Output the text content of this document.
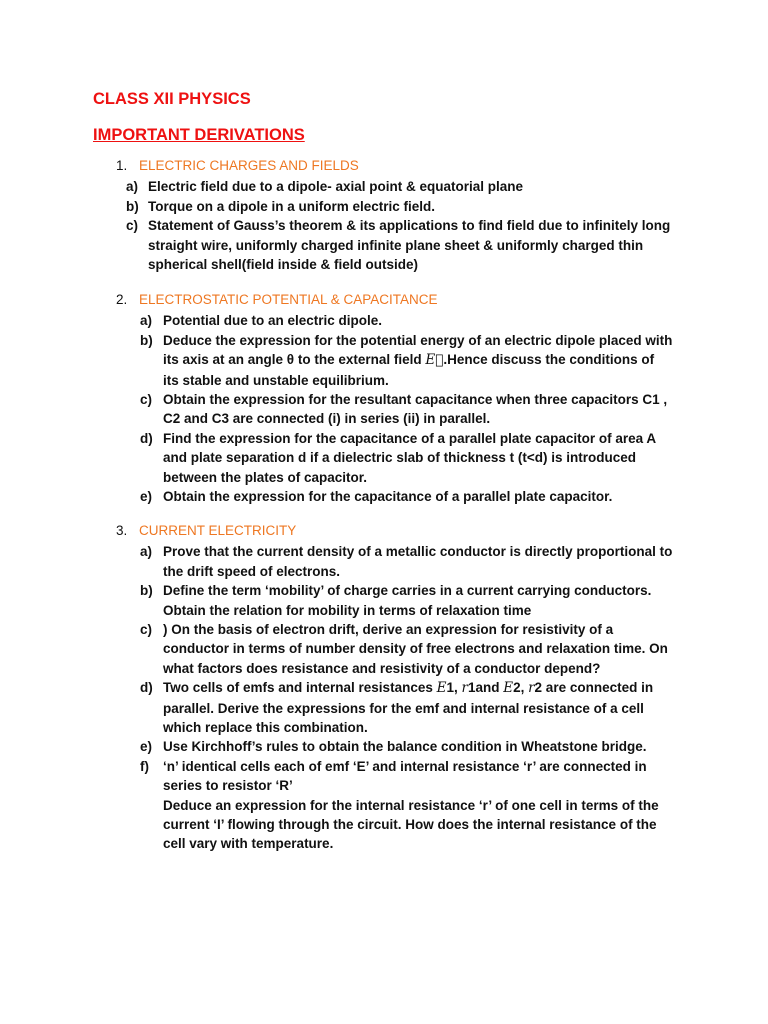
CLASS XII PHYSICS
IMPORTANT DERIVATIONS
1. ELECTRIC CHARGES AND FIELDS
a) Electric field due to a dipole- axial point & equatorial plane
b) Torque on a dipole in a uniform electric field.
c) Statement of Gauss’s theorem & its applications to find field due to infinitely long
straight wire, uniformly charged infinite plane sheet & uniformly charged thin
spherical shell(field inside & field outside)
2. ELECTROSTATIC POTENTIAL & CAPACITANCE
a) Potential due to an electric dipole.
b) Deduce the expression for the potential energy of an electric dipole placed with
its axis at an angle θ to the external field E⃗.Hence discuss the conditions of
its stable and unstable equilibrium.
c) Obtain the expression for the resultant capacitance when three capacitors C1 ,
C2 and C3 are connected (i) in series (ii) in parallel.
d) Find the expression for the capacitance of a parallel plate capacitor of area A
and plate separation d if a dielectric slab of thickness t (t<d) is introduced
between the plates of capacitor.
e) Obtain the expression for the capacitance of a parallel plate capacitor.
3. CURRENT ELECTRICITY
a) Prove that the current density of a metallic conductor is directly proportional to
the drift speed of electrons.
b) Define the term ‘mobility’ of charge carries in a current carrying conductors.
Obtain the relation for mobility in terms of relaxation time
c) ) On the basis of electron drift, derive an expression for resistivity of a
conductor in terms of number density of free electrons and relaxation time. On
what factors does resistance and resistivity of a conductor depend?
d) Two cells of emfs and internal resistances E1, r1and E2, r2 are connected in
parallel. Derive the expressions for the emf and internal resistance of a cell
which replace this combination.
e) Use Kirchhoff’s rules to obtain the balance condition in Wheatstone bridge.
f) ‘n’ identical cells each of emf ‘E’ and internal resistance ‘r’ are connected in
series to resistor ‘R’
Deduce an expression for the internal resistance ‘r’ of one cell in terms of the
current ‘I’ flowing through the circuit. How does the internal resistance of the
cell vary with temperature.
